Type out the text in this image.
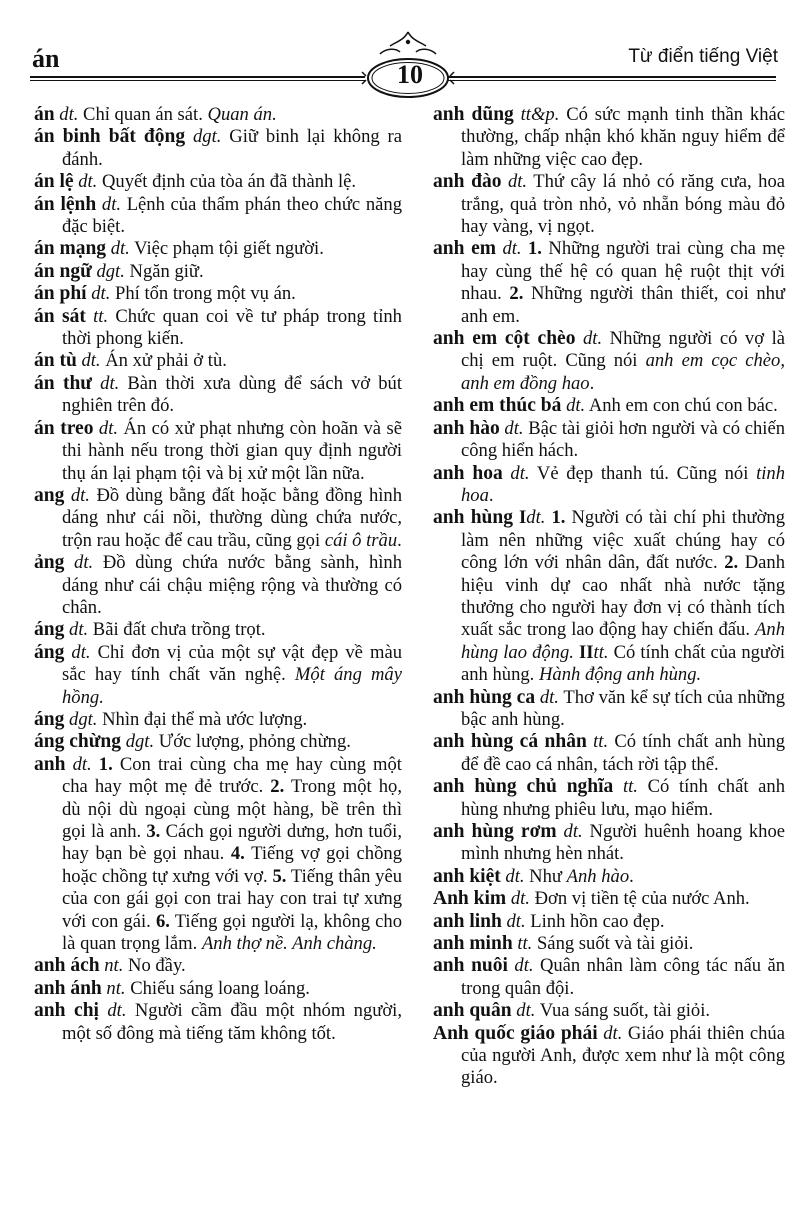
án
10
Từ điển tiếng Việt

án dt. Chỉ quan án sát. Quan án.

án binh bất động dgt. Giữ binh lại không ra đánh.

án lệ dt. Quyết định của tòa án đã thành lệ.

án lệnh dt. Lệnh của thẩm phán theo chức năng đặc biệt.

án mạng dt. Việc phạm tội giết người.

án ngữ dgt. Ngăn giữ.

án phí dt. Phí tổn trong một vụ án.

án sát tt. Chức quan coi về tư pháp trong tỉnh thời phong kiến.

án tù dt. Án xử phải ở tù.

án thư dt. Bàn thời xưa dùng để sách vở bút nghiên trên đó.

án treo dt. Án có xử phạt nhưng còn hoãn và sẽ thi hành nếu trong thời gian quy định người thụ án lại phạm tội và bị xử một lần nữa.

ang dt. Đồ dùng bằng đất hoặc bằng đồng hình dáng như cái nồi, thường dùng chứa nước, trộn rau hoặc để cau trầu, cũng gọi cái ô trầu.

ảng dt. Đồ dùng chứa nước bằng sành, hình dáng như cái chậu miệng rộng và thường có chân.

áng dt. Bãi đất chưa trồng trọt.

áng dt. Chỉ đơn vị của một sự vật đẹp về màu sắc hay tính chất văn nghệ. Một áng mây hồng.

áng dgt. Nhìn đại thể mà ước lượng.

áng chừng dgt. Ước lượng, phỏng chừng.

anh dt. 1. Con trai cùng cha mẹ hay cùng một cha hay một mẹ đẻ trước. 2. Trong một họ, dù nội dù ngoại cùng một hàng, bề trên thì gọi là anh. 3. Cách gọi người dưng, hơn tuổi, hay bạn bè gọi nhau. 4. Tiếng vợ gọi chồng hoặc chồng tự xưng với vợ. 5. Tiếng thân yêu của con gái gọi con trai hay con trai tự xưng với con gái. 6. Tiếng gọi người lạ, không cho là quan trọng lắm. Anh thợ nề. Anh chàng.

anh ách nt. No đầy.

anh ánh nt. Chiếu sáng loang loáng.

anh chị dt. Người cầm đầu một nhóm người, một số đông mà tiếng tăm không tốt.

anh dũng tt&p. Có sức mạnh tinh thần khác thường, chấp nhận khó khăn nguy hiểm để làm những việc cao đẹp.

anh đào dt. Thứ cây lá nhỏ có răng cưa, hoa trắng, quả tròn nhỏ, vỏ nhẵn bóng màu đỏ hay vàng, vị ngọt.

anh em dt. 1. Những người trai cùng cha mẹ hay cùng thế hệ có quan hệ ruột thịt với nhau. 2. Những người thân thiết, coi như anh em.

anh em cột chèo dt. Những người có vợ là chị em ruột. Cũng nói anh em cọc chèo, anh em đồng hao.

anh em thúc bá dt. Anh em con chú con bác.

anh hào dt. Bậc tài giỏi hơn người và có chiến công hiển hách.

anh hoa dt. Vẻ đẹp thanh tú. Cũng nói tinh hoa.

anh hùng Idt. 1. Người có tài chí phi thường làm nên những việc xuất chúng hay có công lớn với nhân dân, đất nước. 2. Danh hiệu vinh dự cao nhất nhà nước tặng thưởng cho người hay đơn vị có thành tích xuất sắc trong lao động hay chiến đấu. Anh hùng lao động. IItt. Có tính chất của người anh hùng. Hành động anh hùng.

anh hùng ca dt. Thơ văn kể sự tích của những bậc anh hùng.

anh hùng cá nhân tt. Có tính chất anh hùng để đề cao cá nhân, tách rời tập thể.

anh hùng chủ nghĩa tt. Có tính chất anh hùng nhưng phiêu lưu, mạo hiểm.

anh hùng rơm dt. Người huênh hoang khoe mình nhưng hèn nhát.

anh kiệt dt. Như Anh hào.

Anh kim dt. Đơn vị tiền tệ của nước Anh.

anh linh dt. Linh hồn cao đẹp.

anh minh tt. Sáng suốt và tài giỏi.

anh nuôi dt. Quân nhân làm công tác nấu ăn trong quân đội.

anh quân dt. Vua sáng suốt, tài giỏi.

Anh quốc giáo phái dt. Giáo phái thiên chúa của người Anh, được xem như là một công giáo.
